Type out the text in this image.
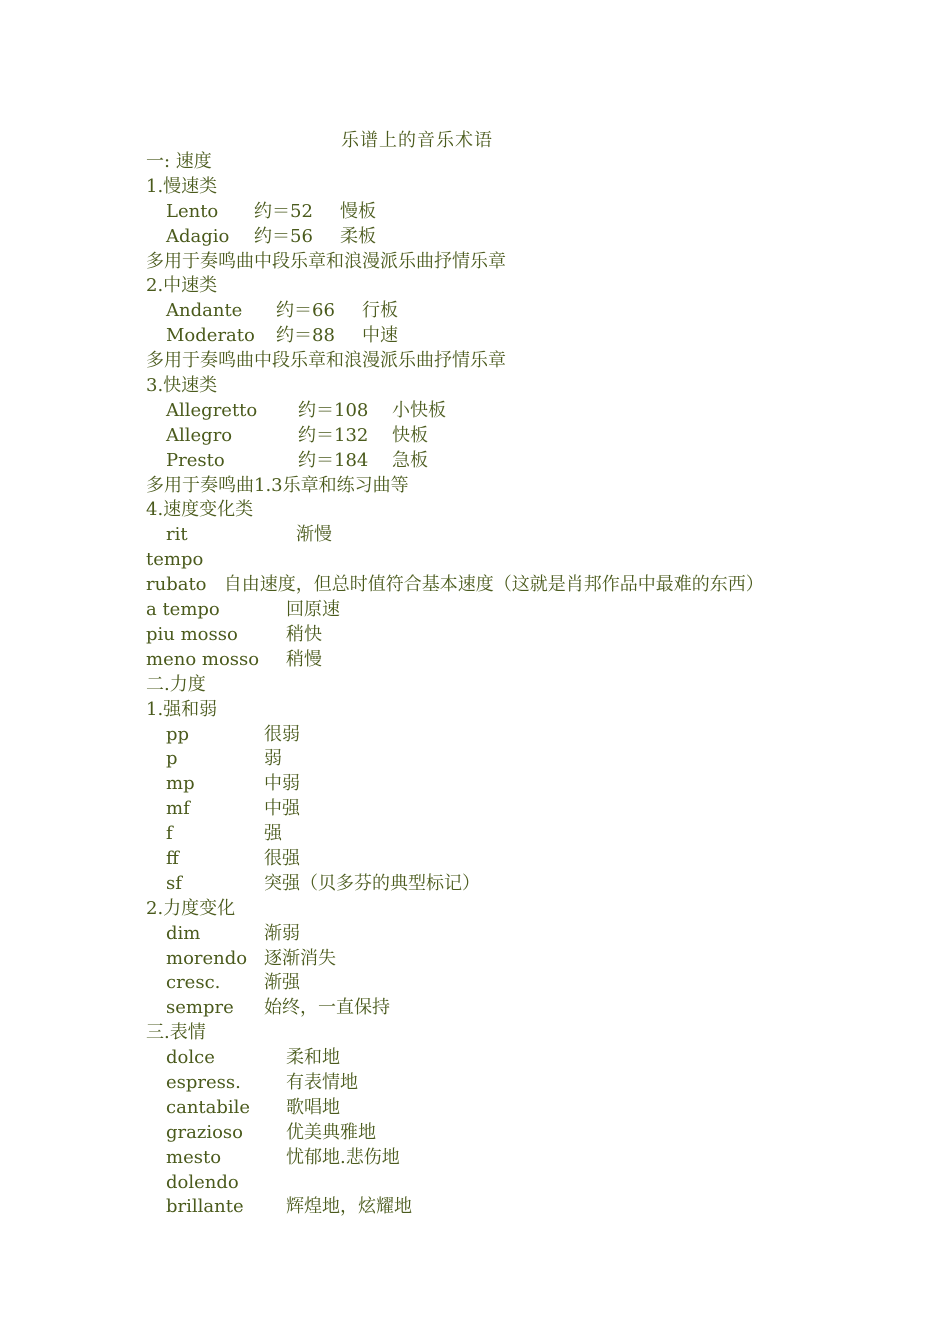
乐谱上的音乐术语
一: 速度
1.慢速类
Lento 约＝52 慢板
Adagio 约＝56 柔板
多用于奏鸣曲中段乐章和浪漫派乐曲抒情乐章
2.中速类
Andante 约＝66 行板
Moderato 约＝88 中速
多用于奏鸣曲中段乐章和浪漫派乐曲抒情乐章
3.快速类
Allegretto 约＝108 小快板
Allegro	约＝132 快板
Presto	约＝184 急板
多用于奏鸣曲1.3乐章和练习曲等
4.速度变化类
rit	渐慢
tempo rubato 自由速度，但总时值符合基本速度（这就是肖邦作品中最难的东西）
a tempo	回原速
piu mosso	稍快
meno mosso 稍慢
二.力度
1.强和弱
pp	很弱
p	弱
mp	中弱
mf	中强
f	强
ff	很强
sf	突强（贝多芬的典型标记）
2.力度变化
dim	渐弱
morendo 逐渐消失
cresc. 渐强
sempre 始终，一直保持
三.表情
dolce	柔和地
espress.	有表情地
cantabile 歌唱地
grazioso 优美典雅地
mesto	忧郁地.悲伤地
dolendo
brillante 辉煌地，炫耀地
